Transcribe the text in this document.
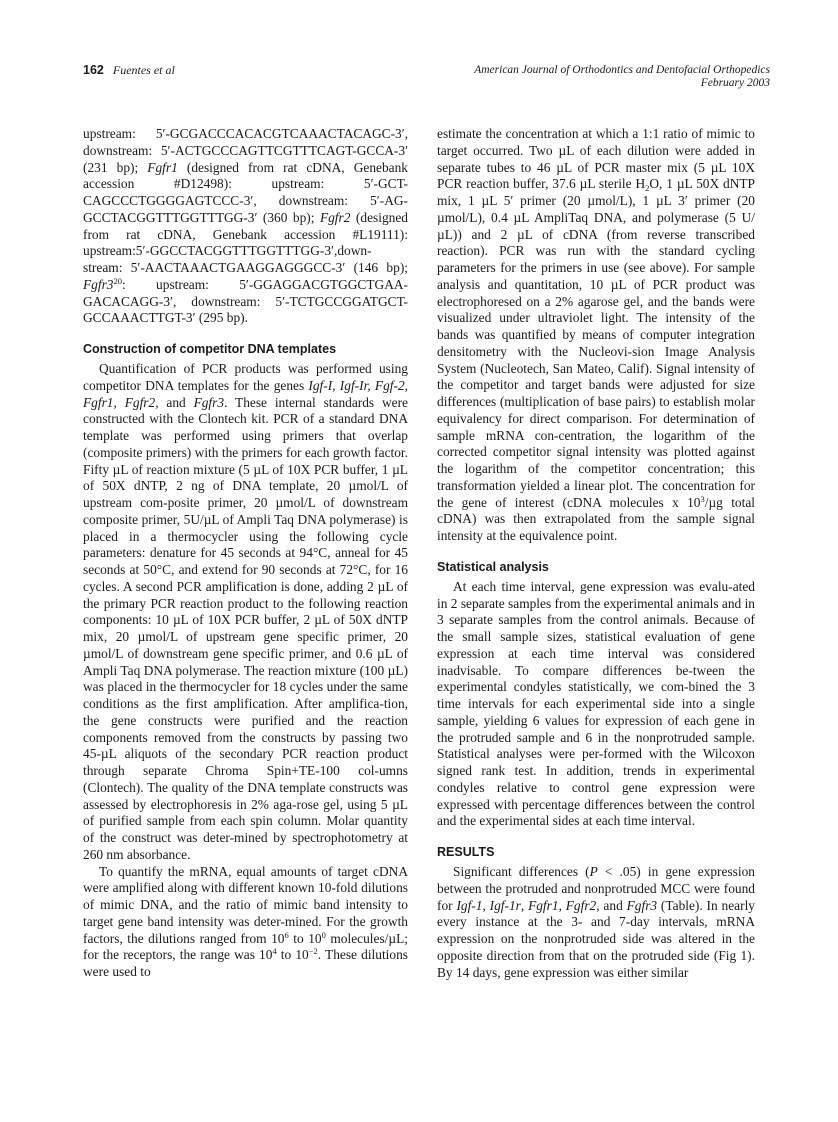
162 Fuentes et al	American Journal of Orthodontics and Dentofacial Orthopedics
February 2003

upstream: 5′-GCGACCCACACGTCAAACTACAGC-3′, downstream: 5′-ACTGCCCAGTTCGTTTCAGT-GCCA-3′ (231 bp); Fgfr1 (designed from rat cDNA, Genebank accession #D12498): upstream: 5′-GCT-CAGCCCTGGGGAGTCCC-3′, downstream: 5′-AG-GCCTACGGTTTGGTTTGG-3′ (360 bp); Fgfr2 (designed from rat cDNA, Genebank accession #L19111): upstream:5′-GGCCTACGGTTTGGTTTGG-3′,down-stream: 5′-AACTAAACTGAAGGAGGGCC-3′ (146 bp); $Fgfr3^{20}$: upstream: 5′-GGAGGACGTGGCTGAA-GACACAGG-3′, downstream: 5′-TCTGCCGGATGCT-GCCAAACTTGT-3′ (295 bp).

Construction of competitor DNA templates

Quantification of PCR products was performed using competitor DNA templates for the genes Igf-I, Igf-Ir, Fgf-2, Fgfr1, Fgfr2, and Fgfr3. These internal standards were constructed with the Clontech kit. PCR of a standard DNA template was performed using primers that overlap (composite primers) with the primers for each growth factor. Fifty µL of reaction mixture (5 µL of 10X PCR buffer, 1 µL of 50X dNTP, 2 ng of DNA template, 20 µmol/L of upstream com-posite primer, 20 µmol/L of downstream composite primer, 5U/µL of Ampli Taq DNA polymerase) is placed in a thermocycler using the following cycle parameters: denature for 45 seconds at 94°C, anneal for 45 seconds at 50°C, and extend for 90 seconds at 72°C, for 16 cycles. A second PCR amplification is done, adding 2 µL of the primary PCR reaction product to the following reaction components: 10 µL of 10X PCR buffer, 2 µL of 50X dNTP mix, 20 µmol/L of upstream gene specific primer, 20 µmol/L of downstream gene specific primer, and 0.6 µL of Ampli Taq DNA polymerase. The reaction mixture (100 µL) was placed in the thermocycler for 18 cycles under the same conditions as the first amplification. After amplifica-tion, the gene constructs were purified and the reaction components removed from the constructs by passing two 45-µL aliquots of the secondary PCR reaction product through separate Chroma Spin+TE-100 col-umns (Clontech). The quality of the DNA template constructs was assessed by electrophoresis in 2% aga-rose gel, using 5 µL of purified sample from each spin column. Molar quantity of the construct was deter-mined by spectrophotometry at 260 nm absorbance.

To quantify the mRNA, equal amounts of target cDNA were amplified along with different known 10-fold dilutions of mimic DNA, and the ratio of mimic band intensity to target gene band intensity was deter-mined. For the growth factors, the dilutions ranged from $10^6$ to $10^0$ molecules/µL; for the receptors, the range was $10^4$ to $10^{-2}$. These dilutions were used to

estimate the concentration at which a 1:1 ratio of mimic to target occurred. Two µL of each dilution were added in separate tubes to 46 µL of PCR master mix (5 µL 10X PCR reaction buffer, 37.6 µL sterile $H_2O$, 1 µL 50X dNTP mix, 1 µL 5′ primer (20 µmol/L), 1 µL 3′ primer (20 µmol/L), 0.4 µL AmpliTaq DNA, and polymerase (5 U/µL)) and 2 µL of cDNA (from reverse transcribed reaction). PCR was run with the standard cycling parameters for the primers in use (see above). For sample analysis and quantitation, 10 µL of PCR product was electrophoresed on a 2% agarose gel, and the bands were visualized under ultraviolet light. The intensity of the bands was quantified by means of computer integration densitometry with the Nucleovi-sion Image Analysis System (Nucleotech, San Mateo, Calif). Signal intensity of the competitor and target bands were adjusted for size differences (multiplication of base pairs) to establish molar equivalency for direct comparison. For determination of sample mRNA con-centration, the logarithm of the corrected competitor signal intensity was plotted against the logarithm of the competitor concentration; this transformation yielded a linear plot. The concentration for the gene of interest (cDNA molecules x $10^3/\mu g$ total cDNA) was then extrapolated from the sample signal intensity at the equivalence point.

Statistical analysis

At each time interval, gene expression was evalu-ated in 2 separate samples from the experimental animals and in 3 separate samples from the control animals. Because of the small sample sizes, statistical evaluation of gene expression at each time interval was considered inadvisable. To compare differences be-tween the experimental condyles statistically, we com-bined the 3 time intervals for each experimental side into a single sample, yielding 6 values for expression of each gene in the protruded sample and 6 in the nonprotruded sample. Statistical analyses were per-formed with the Wilcoxon signed rank test. In addition, trends in experimental condyles relative to control gene expression were expressed with percentage differences between the control and the experimental sides at each time interval.

RESULTS

Significant differences (P < .05) in gene expression between the protruded and nonprotruded MCC were found for Igf-1, Igf-1r, Fgfr1, Fgfr2, and Fgfr3 (Table). In nearly every instance at the 3- and 7-day intervals, mRNA expression on the nonprotruded side was altered in the opposite direction from that on the protruded side (Fig 1). By 14 days, gene expression was either similar
